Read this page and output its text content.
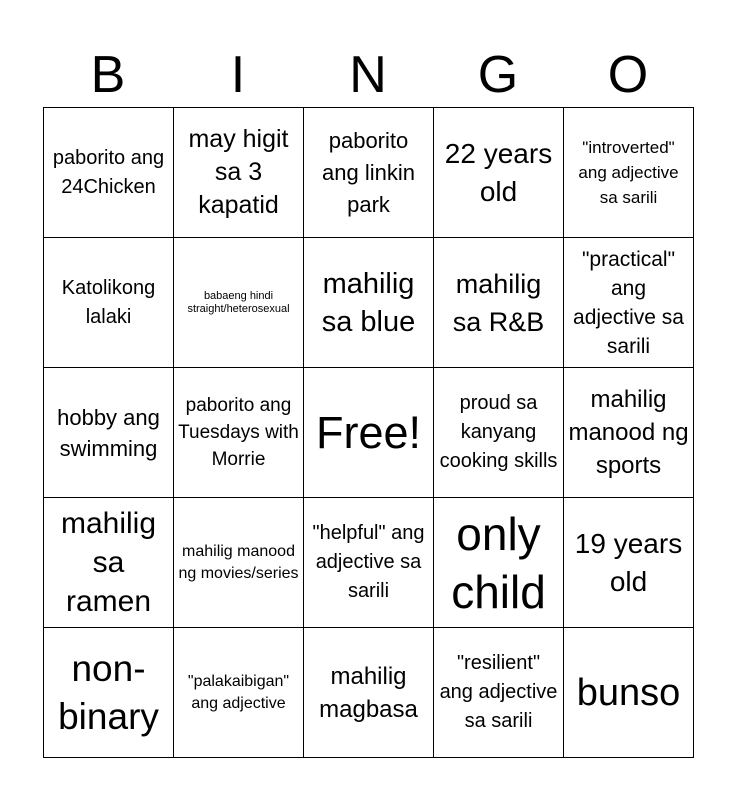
B	I	N	G	O
paborito ang 24Chicken	may higit sa 3 kapatid	paborito ang linkin park	22 years old	"introverted" ang adjective sa sarili

Katolikong lalaki	babaeng hindi straight/heterosexual	mahilig sa blue	mahilig sa R&B	"practical" ang adjective sa sarili

hobby ang swimming	paborito ang Tuesdays with Morrie	Free!	proud sa kanyang cooking skills	mahilig manood ng sports

mahilig sa ramen	mahilig manood ng movies/series	"helpful" ang adjective sa sarili	only child	19 years old

non-binary	"palakaibigan" ang adjective	mahilig magbasa	"resilient" ang adjective sa sarili	bunso
